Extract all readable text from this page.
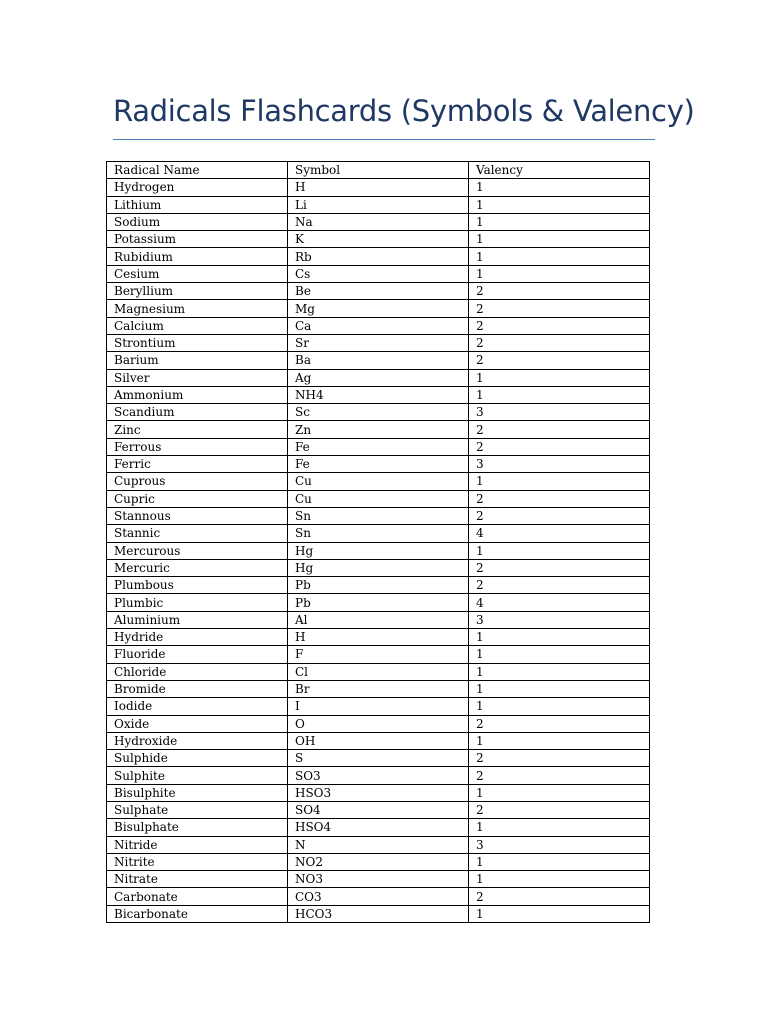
Radicals Flashcards (Symbols & Valency)
Radical Name	Symbol	Valency
Hydrogen	H	1
Lithium	Li	1
Sodium	Na	1
Potassium	K	1
Rubidium	Rb	1
Cesium	Cs	1
Beryllium	Be	2
Magnesium	Mg	2
Calcium	Ca	2
Strontium	Sr	2
Barium	Ba	2
Silver	Ag	1
Ammonium	NH4	1
Scandium	Sc	3
Zinc	Zn	2
Ferrous	Fe	2
Ferric	Fe	3
Cuprous	Cu	1
Cupric	Cu	2
Stannous	Sn	2
Stannic	Sn	4
Mercurous	Hg	1
Mercuric	Hg	2
Plumbous	Pb	2
Plumbic	Pb	4
Aluminium	Al	3
Hydride	H	1
Fluoride	F	1
Chloride	Cl	1
Bromide	Br	1
Iodide	I	1
Oxide	O	2
Hydroxide	OH	1
Sulphide	S	2
Sulphite	SO3	2
Bisulphite	HSO3	1
Sulphate	SO4	2
Bisulphate	HSO4	1
Nitride	N	3
Nitrite	NO2	1
Nitrate	NO3	1
Carbonate	CO3	2
Bicarbonate	HCO3	1
